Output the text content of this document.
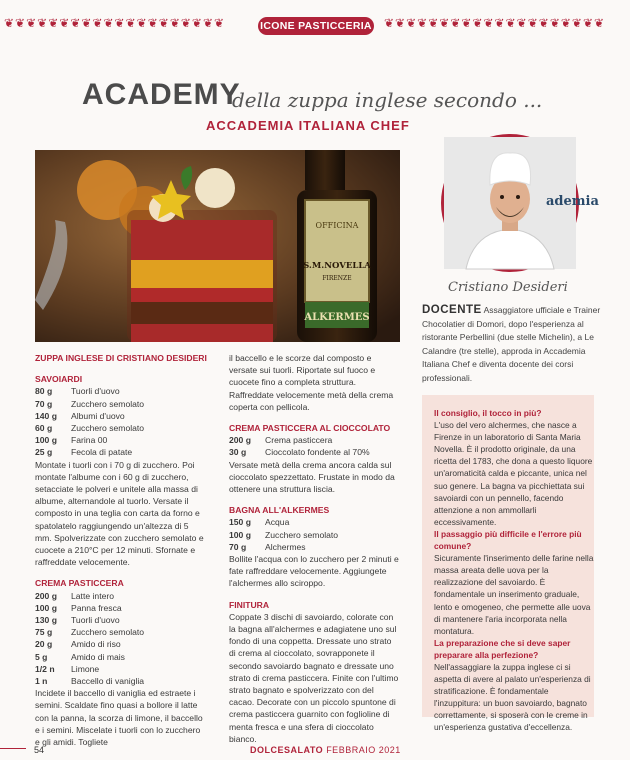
❦❦❦❦❦❦❦❦❦❦❦❦❦❦❦❦❦❦❦❦	ICONE PASTICCERIA ❦❦❦❦❦❦❦❦❦❦❦❦❦❦❦❦❦❦❦❦
ACADEMY
della zuppa inglese secondo ...
ACCADEMIA ITALIANA CHEF
OFFICINA
S.M.NOVELLA
FIRENZE
ALKERMES
ademia
Cristiano Desideri
DOCENTE Assaggiatore ufficiale e Trainer Chocolatier di Domori, dopo l'esperienza al ristorante Perbellini (due stelle Michelin), a Le Calandre (tre stelle), approda in Accademia Italiana Chef e diventa docente dei corsi professionali.

ZUPPA INGLESE DI CRISTIANO DESIDERI

SAVOIARDI

80 g	Tuorli d'uovo
70 g	Zucchero semolato
140 g	Albumi d'uovo
60 g	Zucchero semolato
100 g	Farina 00
25 g	Fecola di patate

Montate i tuorli con i 70 g di zucchero. Poi montate l'albume con i 60 g di zucchero, setacciate le polveri e unitele alla massa di albume, alternandole al tuorlo. Versate il composto in una teglia con carta da forno e spatolatelo raggiungendo un'altezza di 5 mm. Spolverizzate con zucchero semolato e cuocete a 210°C per 12 minuti. Sfornate e raffreddate velocemente.

CREMA PASTICCERA

200 g	Latte intero
100 g	Panna fresca
130 g	Tuorli d'uovo
75 g	Zucchero semolato
20 g	Amido di riso
5 g	Amido di mais
1/2 n	Limone
1 n	Baccello di vaniglia

Incidete il baccello di vaniglia ed estraete i semini. Scaldate fino quasi a bollore il latte con la panna, la scorza di limone, il baccello e i semini. Miscelate i tuorli con lo zucchero e gli amidi. Togliete

il baccello e le scorze dal composto e versate sui tuorli. Riportate sul fuoco e cuocete fino a completa struttura. Raffreddate velocemente metà della crema coperta con pellicola.

CREMA PASTICCERA AL CIOCCOLATO

200 g	Crema pasticcera
30 g	Cioccolato fondente al 70%

Versate metà della crema ancora calda sul cioccolato spezzettato. Frustate in modo da ottenere una struttura liscia.

BAGNA ALL'ALKERMES

150 g	Acqua
100 g	Zucchero semolato
70 g	Alchermes

Bollite l'acqua con lo zucchero per 2 minuti e fate raffreddare velocemente. Aggiungete l'alchermes allo sciroppo.

FINITURA

Coppate 3 dischi di savoiardo, colorate con la bagna all'alchermes e adagiatene uno sul fondo di una coppetta. Dressate uno strato di crema al cioccolato, sovrapponete il secondo savoiardo bagnato e dressate uno strato di crema pasticcera. Finite con l'ultimo strato bagnato e spolverizzato con del cacao. Decorate con un piccolo spuntone di crema pasticcera guarnito con foglioline di menta fresca e una sfera di cioccolato bianco.

Il consiglio, il tocco in più?

L'uso del vero alchermes, che nasce a Firenze in un laboratorio di Santa Maria Novella. È il prodotto originale, da una ricetta del 1783, che dona a questo liquore un'aromaticità calda e piccante, unica nel suo genere. La bagna va picchiettata sui savoiardi con un pennello, facendo attenzione a non ammollarli eccessivamente.

Il passaggio più difficile e l'errore più comune?

Sicuramente l'inserimento delle farine nella massa areata delle uova per la realizzazione del savoiardo. È fondamentale un inserimento graduale, lento e omogeneo, che permette alle uova di mantenere l'aria incorporata nella montatura.

La preparazione che si deve saper preparare alla perfezione?

Nell'assaggiare la zuppa inglese ci si aspetta di avere al palato un'esperienza di stratificazione. È fondamentale l'inzuppitura: un buon savoiardo, bagnato correttamente, si sposerà con le creme in un'esperienza gustativa d'eccellenza.

54	DOLCESALATO FEBBRAIO 2021
